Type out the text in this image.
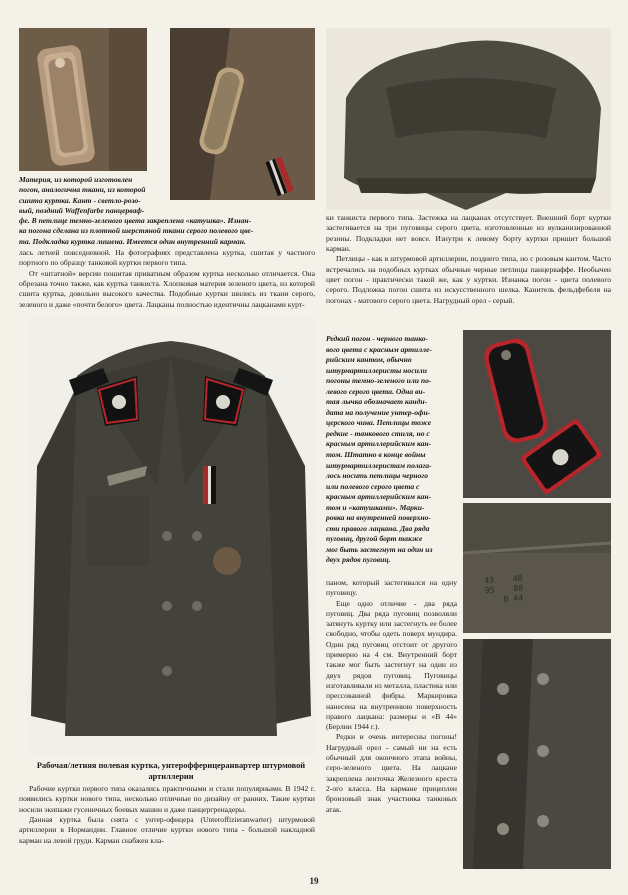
Материя, из которой изготовлен
погон, аналогична ткани, из которой
сшита куртка. Кант - светло-розо-
вый, поздний Waffenfarbe панцерваф-
фе. В петлице темно-зеленого цвета закреплена «катушка». Изнан-
ка погона сделана из плотной шерстяной ткани серого полевого цве-
та. Подкладка куртка лишена. Имеется один внутренний карман.

лась летней повседневной. На фотографиях представлена куртка, сшитая у частного портного по образцу танковой куртки первого типа.

От «штатной» версии пошитая приватным образом куртка несколько отличается. Она обрезана точно также, как куртка танкиста. Хлопковая материя зеленого цвета, из которой сшита куртка, довольно высокого качества. Подобные куртки шились из ткани серого, зеленого и даже «почти белого» цвета. Лацканы полностью идентичны лацканами курт-

Рабочая/летняя полевая куртка, унтерофферицеранвартер штурмовой артиллерии

Рабочие куртки первого типа оказались практичными и стали популярными. В 1942 г. появились куртки нового типа, несколько отличные по дизайну от ранних. Такие куртки носили экипажи гусеничных боевых машин и даже панцергренадеры.

Данная куртка была снята с унтер-офицера (Unteroffizieranwarter) штурмовой артиллерии в Нормандии. Главное отличие куртки нового типа - большой накладной карман на левой груди. Карман снабжен кла-

ки танкиста первого типа. Застежка на лацканах отсутствует. Внешний борт куртки застегивается на три пуговицы серого цвета, изготовленные из вулканизированной резины. Подкладки нет вовсе. Изнутри к левому борту куртки пришит большой карман.

Петлицы - как в штурмовой артиллерии, позднего типа, но с розовым кантом. Часто встречались на подобных куртках обычные черные петлицы панцерваффе. Необычен цвет погон - практически такой же, как у куртки. Изнанка погон - цвета полевого серого. Подложка погон сшита из искусственного шелка. Канитель фельдфебеля на погонах - матового серого цвета. Нагрудный орел - серый.

Редкий погон - черного танко-
вого цвета с красным артилле-
рийским кантом, обычно
штурмартиллеристы носили
погоны темно-зеленого или по-
левого серого цвета. Одна ви-
тая лычка обозначает канди-
дата на получение унтер-офи-
церского чина. Петлицы тоже
редкие - танкового стиля, но с
красным артиллерийским кан-
том. Штатно в конце войны
штурмартиллеристам полага-
лось носить петлицы черного
или полевого серого цвета с
красным артиллерийским кан-
том и «катушками». Марки-
ровка на внутренней поверхно-
сти правого лацкана. Два ряда
пуговиц, другой борт также
мог быть застегнут на один из
двух рядов пуговиц.
43 40
95 88
B 44

паном, который застегивался на одну пуговицу.

Еще одно отличие - два ряда пуговиц. Два ряда пуговиц позволяли затянуть куртку или застегнуть ее более свободно, чтобы одеть поверх мундира. Один ряд пуговиц отстоит от другого примерно на 4 см. Внутренний борт также мог быть застегнут на один из двух рядов пуговиц. Пуговицы изготавливали из металла, пластика или прессованной фибры. Маркировка нанесена на внутреннюю поверхность правого лацкана: размеры и «В 44» (Берлин 1944 г.).

Редки и очень интересны погоны! Нагрудный орел - самый ни на есть обычный для окончного этапа войны, серо-зеленого цвета. На лацкане закреплена ленточка Железного креста 2-ого класса. На кармане прицеплен бронзовый знак участника танковых атак.

19
